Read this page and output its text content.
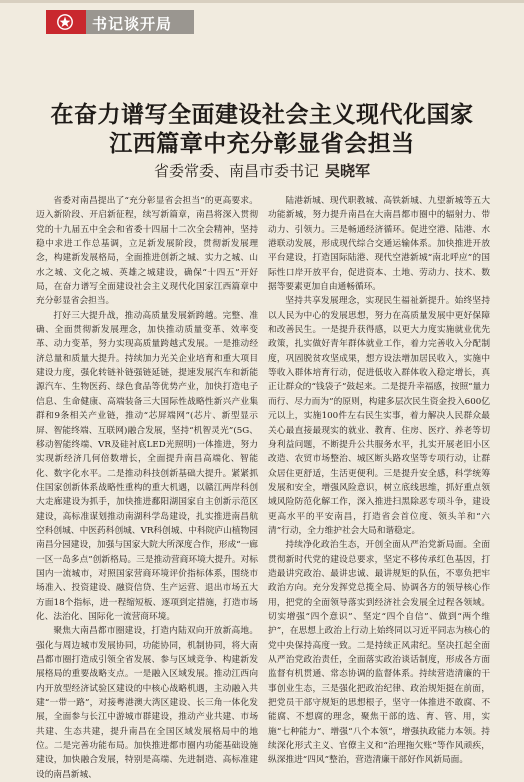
书记谈开局
在奋力谱写全面建设社会主义现代化国家
江西篇章中充分彰显省会担当
省委常委、南昌市委书记 吴晓军

省委对南昌提出了“充分彰显省会担当”的更高要求。迈入新阶段、开启新征程，续写新篇章，南昌将深入贯彻党的十九届五中全会和省委十四届十二次全会精神，坚持稳中求进工作总基调，立足新发展阶段，贯彻新发展理念，构建新发展格局，全面推进创新之城、实力之城、山水之城、文化之城、英雄之城建设，确保“十四五”开好局，在奋力谱写全面建设社会主义现代化国家江西篇章中充分彰显省会担当。

打好三大提升战，推动高质量发展新跨越。完整、准确、全面贯彻新发展理念，加快推动质量变革、效率变革、动力变革，努力实现高质量跨越式发展。一是推动经济总量和质量大提升。持续加力光关企业培育和重大项目建设力度，强化转链补链强链延链，提速发展汽车和新能源汽车、生物医药、绿色食品等优势产业，加快打造电子信息、生命健康、高端装备三大国际性战略性新兴产业集群和9条相关产业链，推动“芯屏端网”(芯片、新型显示屏、智能终端、互联网)融合发展，坚持“机智灵光”(5G、移动智能终端、VR及硅衬底LED光照明)一体推进，努力实现新经济几何倍数增长，全面提升南昌高端化、智能化、数字化水平。二是推动科技创新基础大提升。紧紧抓住国家创新体系战略性重构的重大机遇，以赣江两岸科创大走廊建设为抓手，加快推进鄱阳湖国家自主创新示范区建设，高标准谋划推动南湖科学岛建设，扎实推进南昌航空科创城、中医药科创城、VR科创城、中科院庐山植物园南昌分园建设，加强与国家大院大所深度合作，形成“一廊一区一岛多点”创新格局。三是推动营商环境大提升。对标国内一流城市，对照国家营商环境评价指标体系，围绕市场准入、投资建设、融资信贷、生产运营、退出市场五大方面18个指标，进一程缩短板、逐项到定措施，打造市场化、法治化、国际化一流营商环境。

聚焦大南昌都市圈建设，打造内陆双向开放新高地。强化与周边城市发展协同，功能协同，机制协同，将大南昌都市圈打造成引领全省发展、参与区域竞争、构建新发展格局的重要战略支点。一是融入区域发展。推动江西向内开放型经济试验区建设的中核心战略机遇，主动融入共建“一带一路”，对接粤港澳大湾区建设、长三角一体化发展，全面参与长江中游城市群建设，推动产业共建、市场共建、生态共建，提升南昌在全国区域发展格局中的地位。二是完善功能布局。加快推进都市圈内功能基础设施建设，加快融合发展，特别是高端、先进制造、高标准建设的南昌新城、

陆港新城、现代职教城、高铁新城、九望新城等五大功能新城，努力提升南昌在大南昌都市圈中的辐射力、带动力、引领力。三是畅通经济循环。促进空港、陆港、水港联动发展，形成现代综合交通运输体系。加快推进开放平台建设，打造国际陆港、现代空港新城“南北呼应”的国际性口岸开放平台，促进资本、土地、劳动力、技术、数据等要素更加自由通畅循环。

坚持共享发展理念，实现民生福祉新提升。始终坚持以人民为中心的发展思想，努力在高质量发展中更好保障和改善民生。一是提升获得感，以更大力度实施就业优先政策，扎实做好青年群体就业工作，着力完善收入分配制度，巩固脱贫攻坚成果，想方设法增加居民收入，实施中等收入群体培育行动，促进低收入群体收入稳定增长，真正让群众的“钱袋子”鼓起来。二是提升幸福感，按照“量力而行、尽力而为”的原则，构建多层次民生资金投入600亿元以上，实施100件左右民生实事，着力解决人民群众最关心最直接最现实的就业、教育、住房、医疗、养老等切身利益问题，不断提升公共服务水平，扎实开展老旧小区改造、农贸市场整治、城区断头路攻坚等专项行动，让群众居住更舒适，生活更便利。三是提升安全感，科学统筹发展和安全，增强风险意识，树立底线思维，抓好重点领域风险防范化解工作，深入推进扫黑除恶专项斗争，建设更高水平的平安南昌，打造省会首位度、领头羊和“六清”行动，全力维护社会大局和谐稳定。

持续净化政治生态，开创全面从严治党新局面。全面贯彻新时代党的建设总要求，坚定不移传承红色基因，打造最讲究政治、最讲忠诚、最讲规矩的队伍，不辜负把牢政治方向。充分发挥党总揽全局、协调各方的领导核心作用，把党的全面领导落实到经济社会发展全过程各领域。切实增强“四个意识”、坚定“四个自信”、做到“两个维护”，在思想上政治上行动上始终同以习近平同志为核心的党中央保持高度一致。二是持续正风肃纪。坚决扛起全面从严治党政治责任，全面落实政治谈话制度，形成各方面监督有机贯通、常态协调的监督体系。持续营造清廉的干事创业生态，三是强化把政治纪律、政治规矩挺在前面，把党员干部守规矩的思想根子，坚守一体推进不敢腐、不能腐、不想腐的理念，聚焦干部的选、育、管、用，实施“七种能力”、增强“八个本领”，增强执政能力本领。持续深化形式主义、官僚主义和“治理拖欠账”等作风顽疾，纵深推进“四风”整治，营造清廉干部好作风新局面。
